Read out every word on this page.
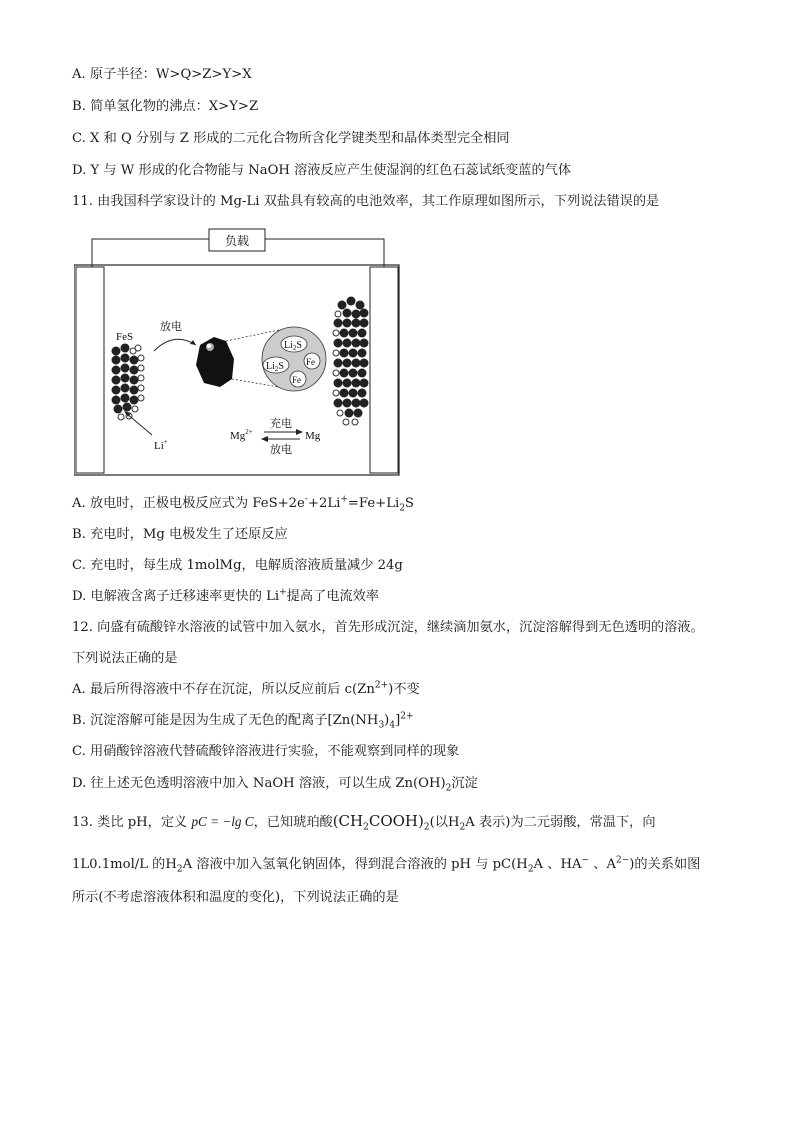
A. 原子半径：W>Q>Z>Y>X
B. 简单氢化物的沸点：X>Y>Z
C. X 和 Q 分别与 Z 形成的二元化合物所含化学键类型和晶体类型完全相同
D. Y 与 W 形成的化合物能与 NaOH 溶液反应产生使湿润的红色石蕊试纸变蓝的气体
11. 由我国科学家设计的 Mg-Li 双盐具有较高的电池效率，其工作原理如图所示，下列说法错误的是
负载
FeS
放电
$Li_2S$
$Li_2S$ Fe
Fe
Li+	$Mg^{2+}$
充电
Mg
放电
A. 放电时，正极电极反应式为 $FeS+2e^-+2Li^+=Fe+Li_2S$
B. 充电时，Mg 电极发生了还原反应
C. 充电时，每生成 1molMg，电解质溶液质量减少 24g
D. 电解液含离子迁移速率更快的 Li+提高了电流效率
12. 向盛有硫酸锌水溶液的试管中加入氨水，首先形成沉淀，继续滴加氨水，沉淀溶解得到无色透明的溶液。
下列说法正确的是
A. 最后所得溶液中不存在沉淀，所以反应前后 $c(Zn^{2+})$不变
B. 沉淀溶解可能是因为生成了无色的配离子$[Zn(NH_3)_4]^{2+}$
C. 用硝酸锌溶液代替硫酸锌溶液进行实验，不能观察到同样的现象
D. 往上述无色透明溶液中加入 NaOH 溶液，可以生成 $Zn(OH)_2$沉淀
13. 类比 pH，定义 pC = −lg C，已知琥珀酸$(CH_2COOH)_2$(以$H_2A$ 表示)为二元弱酸，常温下，向
1L0.1mol/L 的$H_2A$ 溶液中加入氢氧化钠固体，得到混合溶液的 pH 与 $pC(H_2A$ 、HA− 、$A^{2-}$)的关系如图
所示(不考虑溶液体积和温度的变化)，下列说法正确的是
